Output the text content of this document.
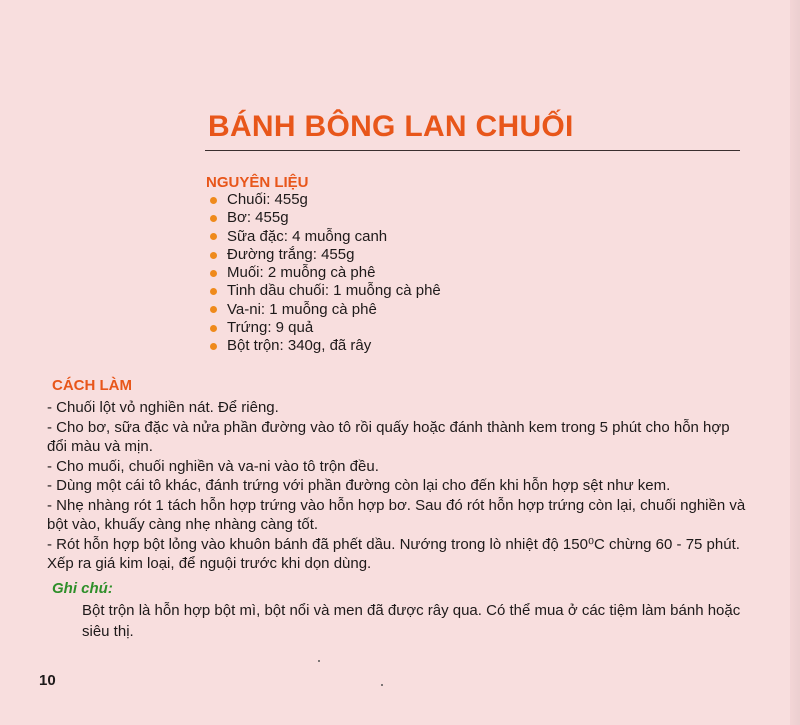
BÁNH BÔNG LAN CHUỐI
NGUYÊN LIỆU
Chuối: 455g
Bơ: 455g
Sữa đặc: 4 muỗng canh
Đường trắng: 455g
Muối: 2 muỗng cà phê
Tinh dầu chuối: 1 muỗng cà phê
Va-ni: 1 muỗng cà phê
Trứng: 9 quả
Bột trộn: 340g, đã rây
CÁCH LÀM
- Chuối lột vỏ nghiền nát. Để riêng.
- Cho bơ, sữa đặc và nửa phần đường vào tô rồi quấy hoặc đánh thành kem trong 5 phút cho hỗn hợp đổi màu và mịn.
- Cho muối, chuối nghiền và va-ni vào tô trộn đều.
- Dùng một cái tô khác, đánh trứng với phần đường còn lại cho đến khi hỗn hợp sệt như kem.
- Nhẹ nhàng rót 1 tách hỗn hợp trứng vào hỗn hợp bơ. Sau đó rót hỗn hợp trứng còn lại, chuối nghiền và bột vào, khuấy càng nhẹ nhàng càng tốt.
- Rót hỗn hợp bột lỏng vào khuôn bánh đã phết dầu. Nướng trong lò nhiệt độ 150⁰C chừng 60 - 75 phút. Xếp ra giá kim loại, để nguội trước khi dọn dùng.
Ghi chú:

Bột trộn là hỗn hợp bột mì, bột nổi và men đã được rây qua. Có thể mua ở các tiệm làm bánh hoặc siêu thị.

10
